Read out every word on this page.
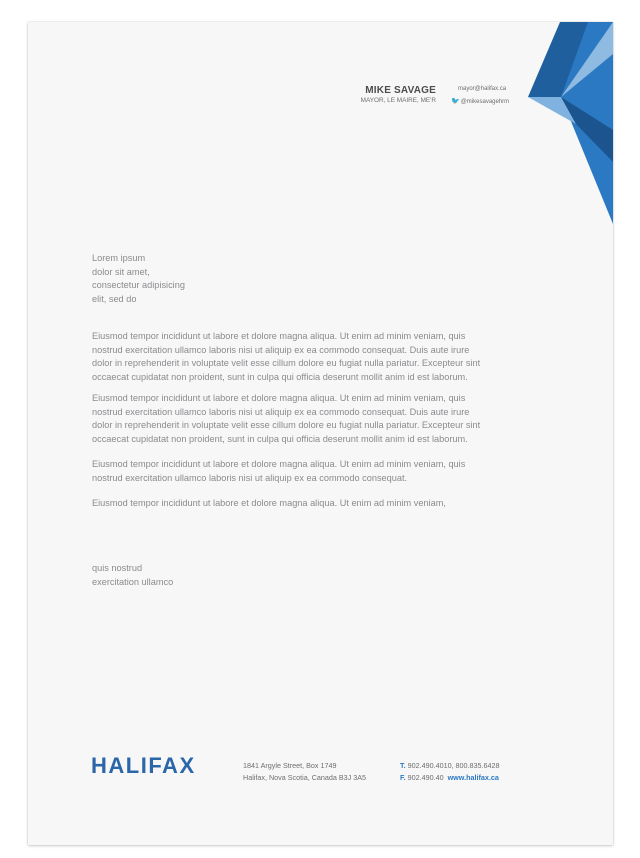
MIKE SAVAGE
MAYOR, LE MAIRE, ME'R
mayor@halifax.ca
🐦@mikesavagehrm
Lorem ipsum
dolor sit amet,
consectetur adipisicing
elit, sed do
Eiusmod tempor incididunt ut labore et dolore magna aliqua. Ut enim ad minim veniam, quis
nostrud exercitation ullamco laboris nisi ut aliquip ex ea commodo consequat. Duis aute irure
dolor in reprehenderit in voluptate velit esse cillum dolore eu fugiat nulla pariatur. Excepteur sint
occaecat cupidatat non proident, sunt in culpa qui officia deserunt mollit anim id est laborum.
Eiusmod tempor incididunt ut labore et dolore magna aliqua. Ut enim ad minim veniam, quis
nostrud exercitation ullamco laboris nisi ut aliquip ex ea commodo consequat. Duis aute irure
dolor in reprehenderit in voluptate velit esse cillum dolore eu fugiat nulla pariatur. Excepteur sint
occaecat cupidatat non proident, sunt in culpa qui officia deserunt mollit anim id est laborum.
Eiusmod tempor incididunt ut labore et dolore magna aliqua. Ut enim ad minim veniam, quis
nostrud exercitation ullamco laboris nisi ut aliquip ex ea commodo consequat.
Eiusmod tempor incididunt ut labore et dolore magna aliqua. Ut enim ad minim veniam,
quis nostrud
exercitation ullamco
HALIFAX	1841 Argyle Street, Box 1749
Halifax, Nova Scotia, Canada B3J 3A5
T. 902.490.4010, 800.835.6428
F. 902.490.40 www.halifax.ca
